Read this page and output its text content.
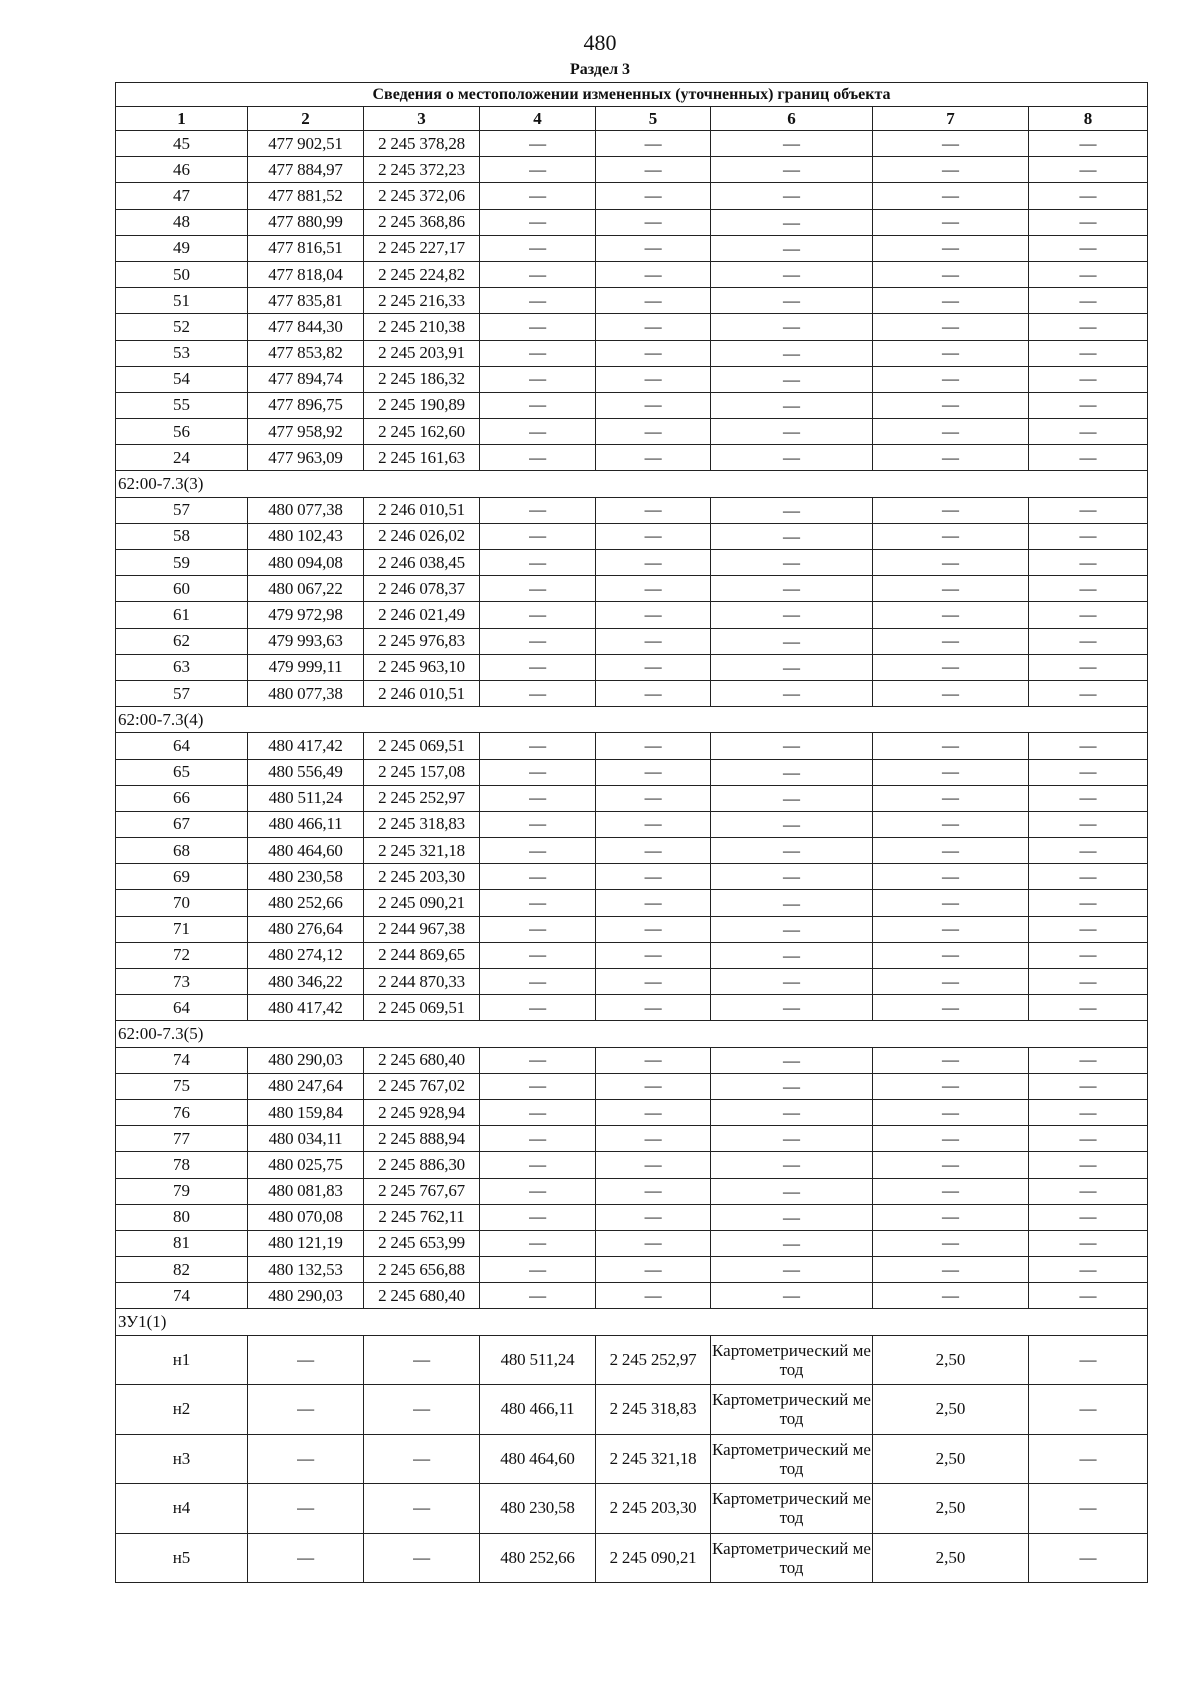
480
Раздел 3
Сведения о местоположении измененных (уточненных) границ объекта							
1	2	3	4	5	6	7	8
45	477 902,51	2 245 378,28	—	—	—	—	—
46	477 884,97	2 245 372,23	—	—	—	—	—
47	477 881,52	2 245 372,06	—	—	—	—	—
48	477 880,99	2 245 368,86	—	—	—	—	—
49	477 816,51	2 245 227,17	—	—	—	—	—
50	477 818,04	2 245 224,82	—	—	—	—	—
51	477 835,81	2 245 216,33	—	—	—	—	—
52	477 844,30	2 245 210,38	—	—	—	—	—
53	477 853,82	2 245 203,91	—	—	—	—	—
54	477 894,74	2 245 186,32	—	—	—	—	—
55	477 896,75	2 245 190,89	—	—	—	—	—
56	477 958,92	2 245 162,60	—	—	—	—	—
24	477 963,09	2 245 161,63	—	—	—	—	—
62:00-7.3(3)							
57	480 077,38	2 246 010,51	—	—	—	—	—
58	480 102,43	2 246 026,02	—	—	—	—	—
59	480 094,08	2 246 038,45	—	—	—	—	—
60	480 067,22	2 246 078,37	—	—	—	—	—
61	479 972,98	2 246 021,49	—	—	—	—	—
62	479 993,63	2 245 976,83	—	—	—	—	—
63	479 999,11	2 245 963,10	—	—	—	—	—
57	480 077,38	2 246 010,51	—	—	—	—	—
62:00-7.3(4)							
64	480 417,42	2 245 069,51	—	—	—	—	—
65	480 556,49	2 245 157,08	—	—	—	—	—
66	480 511,24	2 245 252,97	—	—	—	—	—
67	480 466,11	2 245 318,83	—	—	—	—	—
68	480 464,60	2 245 321,18	—	—	—	—	—
69	480 230,58	2 245 203,30	—	—	—	—	—
70	480 252,66	2 245 090,21	—	—	—	—	—
71	480 276,64	2 244 967,38	—	—	—	—	—
72	480 274,12	2 244 869,65	—	—	—	—	—
73	480 346,22	2 244 870,33	—	—	—	—	—
64	480 417,42	2 245 069,51	—	—	—	—	—
62:00-7.3(5)							
74	480 290,03	2 245 680,40	—	—	—	—	—
75	480 247,64	2 245 767,02	—	—	—	—	—
76	480 159,84	2 245 928,94	—	—	—	—	—
77	480 034,11	2 245 888,94	—	—	—	—	—
78	480 025,75	2 245 886,30	—	—	—	—	—
79	480 081,83	2 245 767,67	—	—	—	—	—
80	480 070,08	2 245 762,11	—	—	—	—	—
81	480 121,19	2 245 653,99	—	—	—	—	—
82	480 132,53	2 245 656,88	—	—	—	—	—
74	480 290,03	2 245 680,40	—	—	—	—	—
ЗУ1(1)							
н1	—	—	480 511,24	2 245 252,97	Картометрический метод	2,50	—
н2	—	—	480 466,11	2 245 318,83	Картометрический метод	2,50	—
н3	—	—	480 464,60	2 245 321,18	Картометрический метод	2,50	—
н4	—	—	480 230,58	2 245 203,30	Картометрический метод	2,50	—
н5	—	—	480 252,66	2 245 090,21	Картометрический метод	2,50	—
